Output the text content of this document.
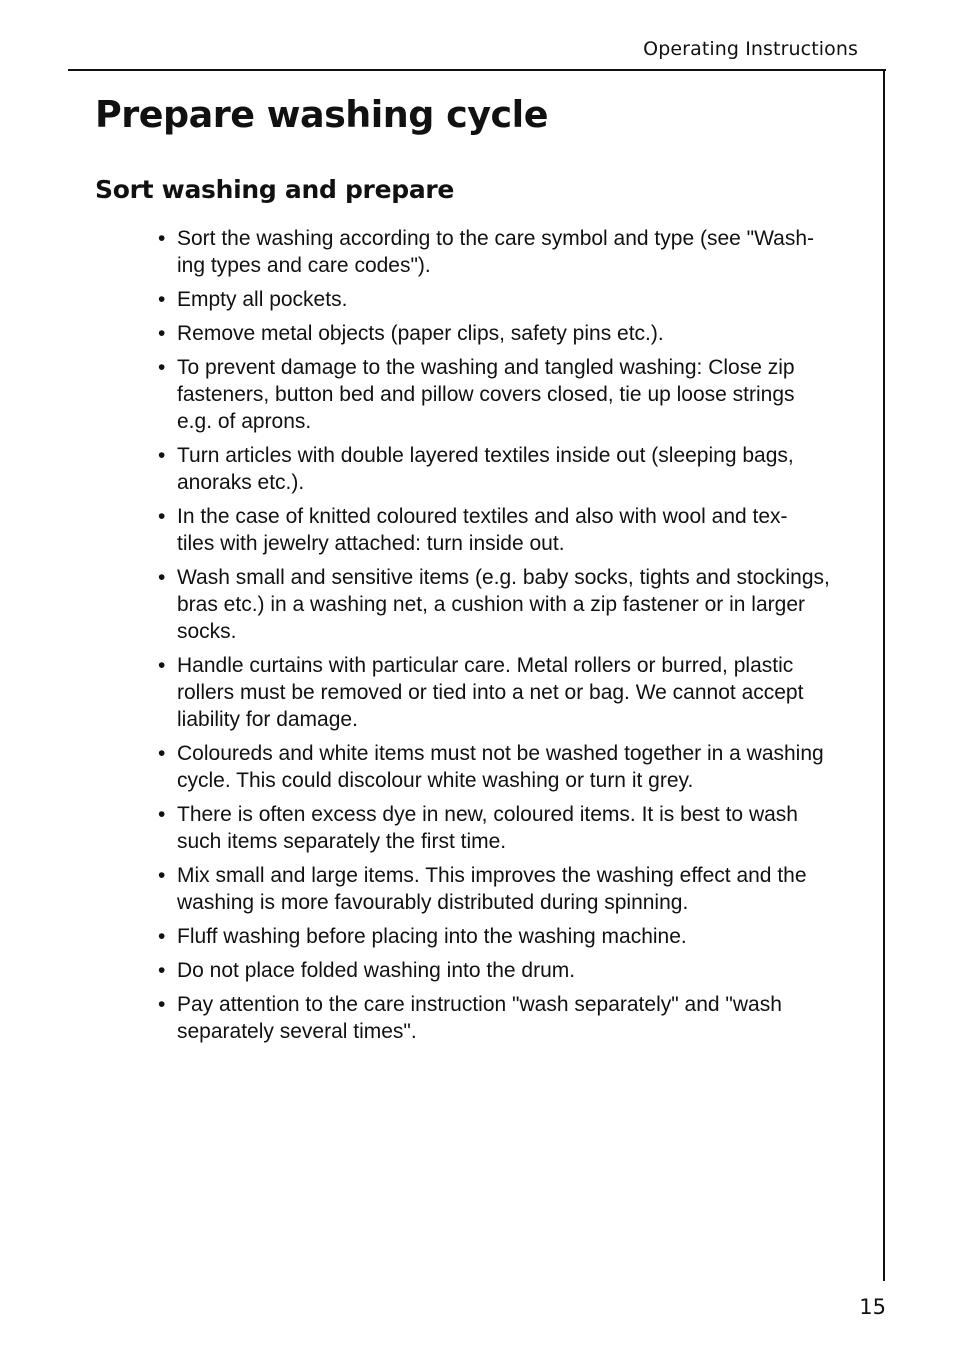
Operating Instructions
Prepare washing cycle
Sort washing and prepare
• Sort the washing according to the care symbol and type (see "Wash-
ing types and care codes").
• Empty all pockets.
• Remove metal objects (paper clips, safety pins etc.).
• To prevent damage to the washing and tangled washing: Close zip
fasteners, button bed and pillow covers closed, tie up loose strings
e.g. of aprons.
• Turn articles with double layered textiles inside out (sleeping bags,
anoraks etc.).
• In the case of knitted coloured textiles and also with wool and tex-
tiles with jewelry attached: turn inside out.
• Wash small and sensitive items (e.g. baby socks, tights and stockings,
bras etc.) in a washing net, a cushion with a zip fastener or in larger
socks.
• Handle curtains with particular care. Metal rollers or burred, plastic
rollers must be removed or tied into a net or bag. We cannot accept
liability for damage.
• Coloureds and white items must not be washed together in a washing
cycle. This could discolour white washing or turn it grey.
• There is often excess dye in new, coloured items. It is best to wash
such items separately the first time.
• Mix small and large items. This improves the washing effect and the
washing is more favourably distributed during spinning.
• Fluff washing before placing into the washing machine.
• Do not place folded washing into the drum.
• Pay attention to the care instruction "wash separately" and "wash
separately several times".
15
